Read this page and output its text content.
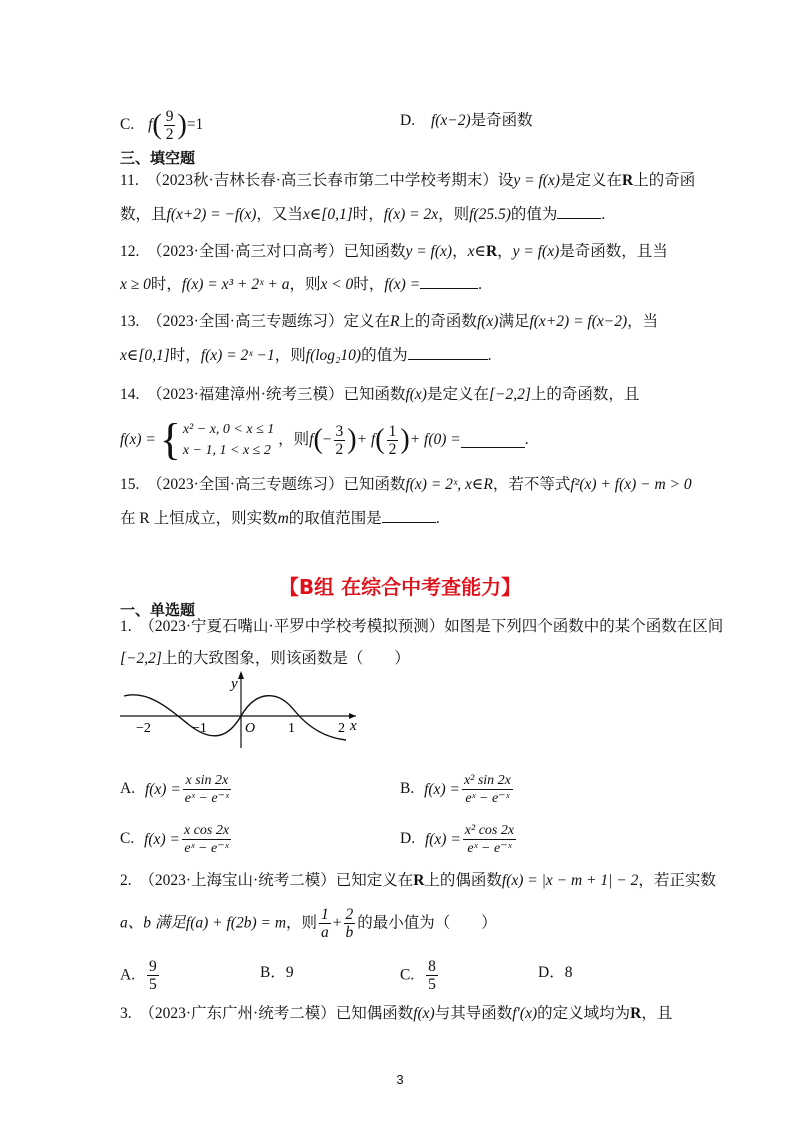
C. $f( \frac{9}{2} )=1$	D. f(x−2)是奇函数
三、填空题
11.　（2023秋·吉林长春·高三长春市第二中学校考期末）设y = f(x)是定义在R上的奇函
数，且f(x+2) = −f(x)，又当x∈[0,1]时，f(x) = 2x，则f(25.5)的值为	.
12.　（2023·全国·高三对口高考）已知函数y = f(x)，x∈R，y = f(x)是奇函数，且当
x ≥ 0时，f(x) = x³ + 2ˣ + a，则x < 0时，f(x) =	.
13.　（2023·全国·高三专题练习）定义在R上的奇函数f(x)满足f(x+2) = f(x−2)，当
x∈[0,1]时，f(x) = 2ˣ −1，则f(log₂10)的值为	.
14.　（2023·福建漳州·统考三模）已知函数f(x)是定义在[−2,2]上的奇函数，且
f(x) = { x² − x, 0 < x ≤ 1
x − 1, 1 < x ≤ 2
，则$f(- \frac{3}{2}$ )+ $f( \frac{1}{2}$ )+ f(0) =	.
15.　（2023·全国·高三专题练习）已知函数f(x) = 2ˣ, x∈R，若不等式f²(x) + f(x) − m > 0
在 R 上恒成立，则实数m的取值范围是	.
【B组 在综合中考查能力】
一、单选题
1.　（2023·宁夏石嘴山·平罗中学校考模拟预测）如图是下列四个函数中的某个函数在区间
[−2,2]上的大致图象，则该函数是（　　）
y
x
O
−2	−1	1	2
A. $f(x) = \frac{\text{x sin 2x}}{\text{eˣ − e⁻ˣ}}$	B. $f(x) = \frac{\text{x² sin 2x}}{\text{eˣ − e⁻ˣ}}$
C. $f(x) = \frac{\text{x cos 2x}}{\text{eˣ − e⁻ˣ}}$	D. $f(x) = \frac{\text{x² cos 2x}}{\text{eˣ − e⁻ˣ}}$
2.　（2023·上海宝山·统考二模）已知定义在R上的偶函数f(x) = |x − m + 1| − 2，若正实数
a、b 满足f(a) + f(2b) = m，则 $\frac{1}{a} + \frac{2}{b}$ 的最小值为（　　）
A. $\frac{9}{5}$	B．9	C. $\frac{8}{5}$	D．8
3.　（2023·广东广州·统考二模）已知偶函数f(x)与其导函数f′(x)的定义域均为R，且
3
